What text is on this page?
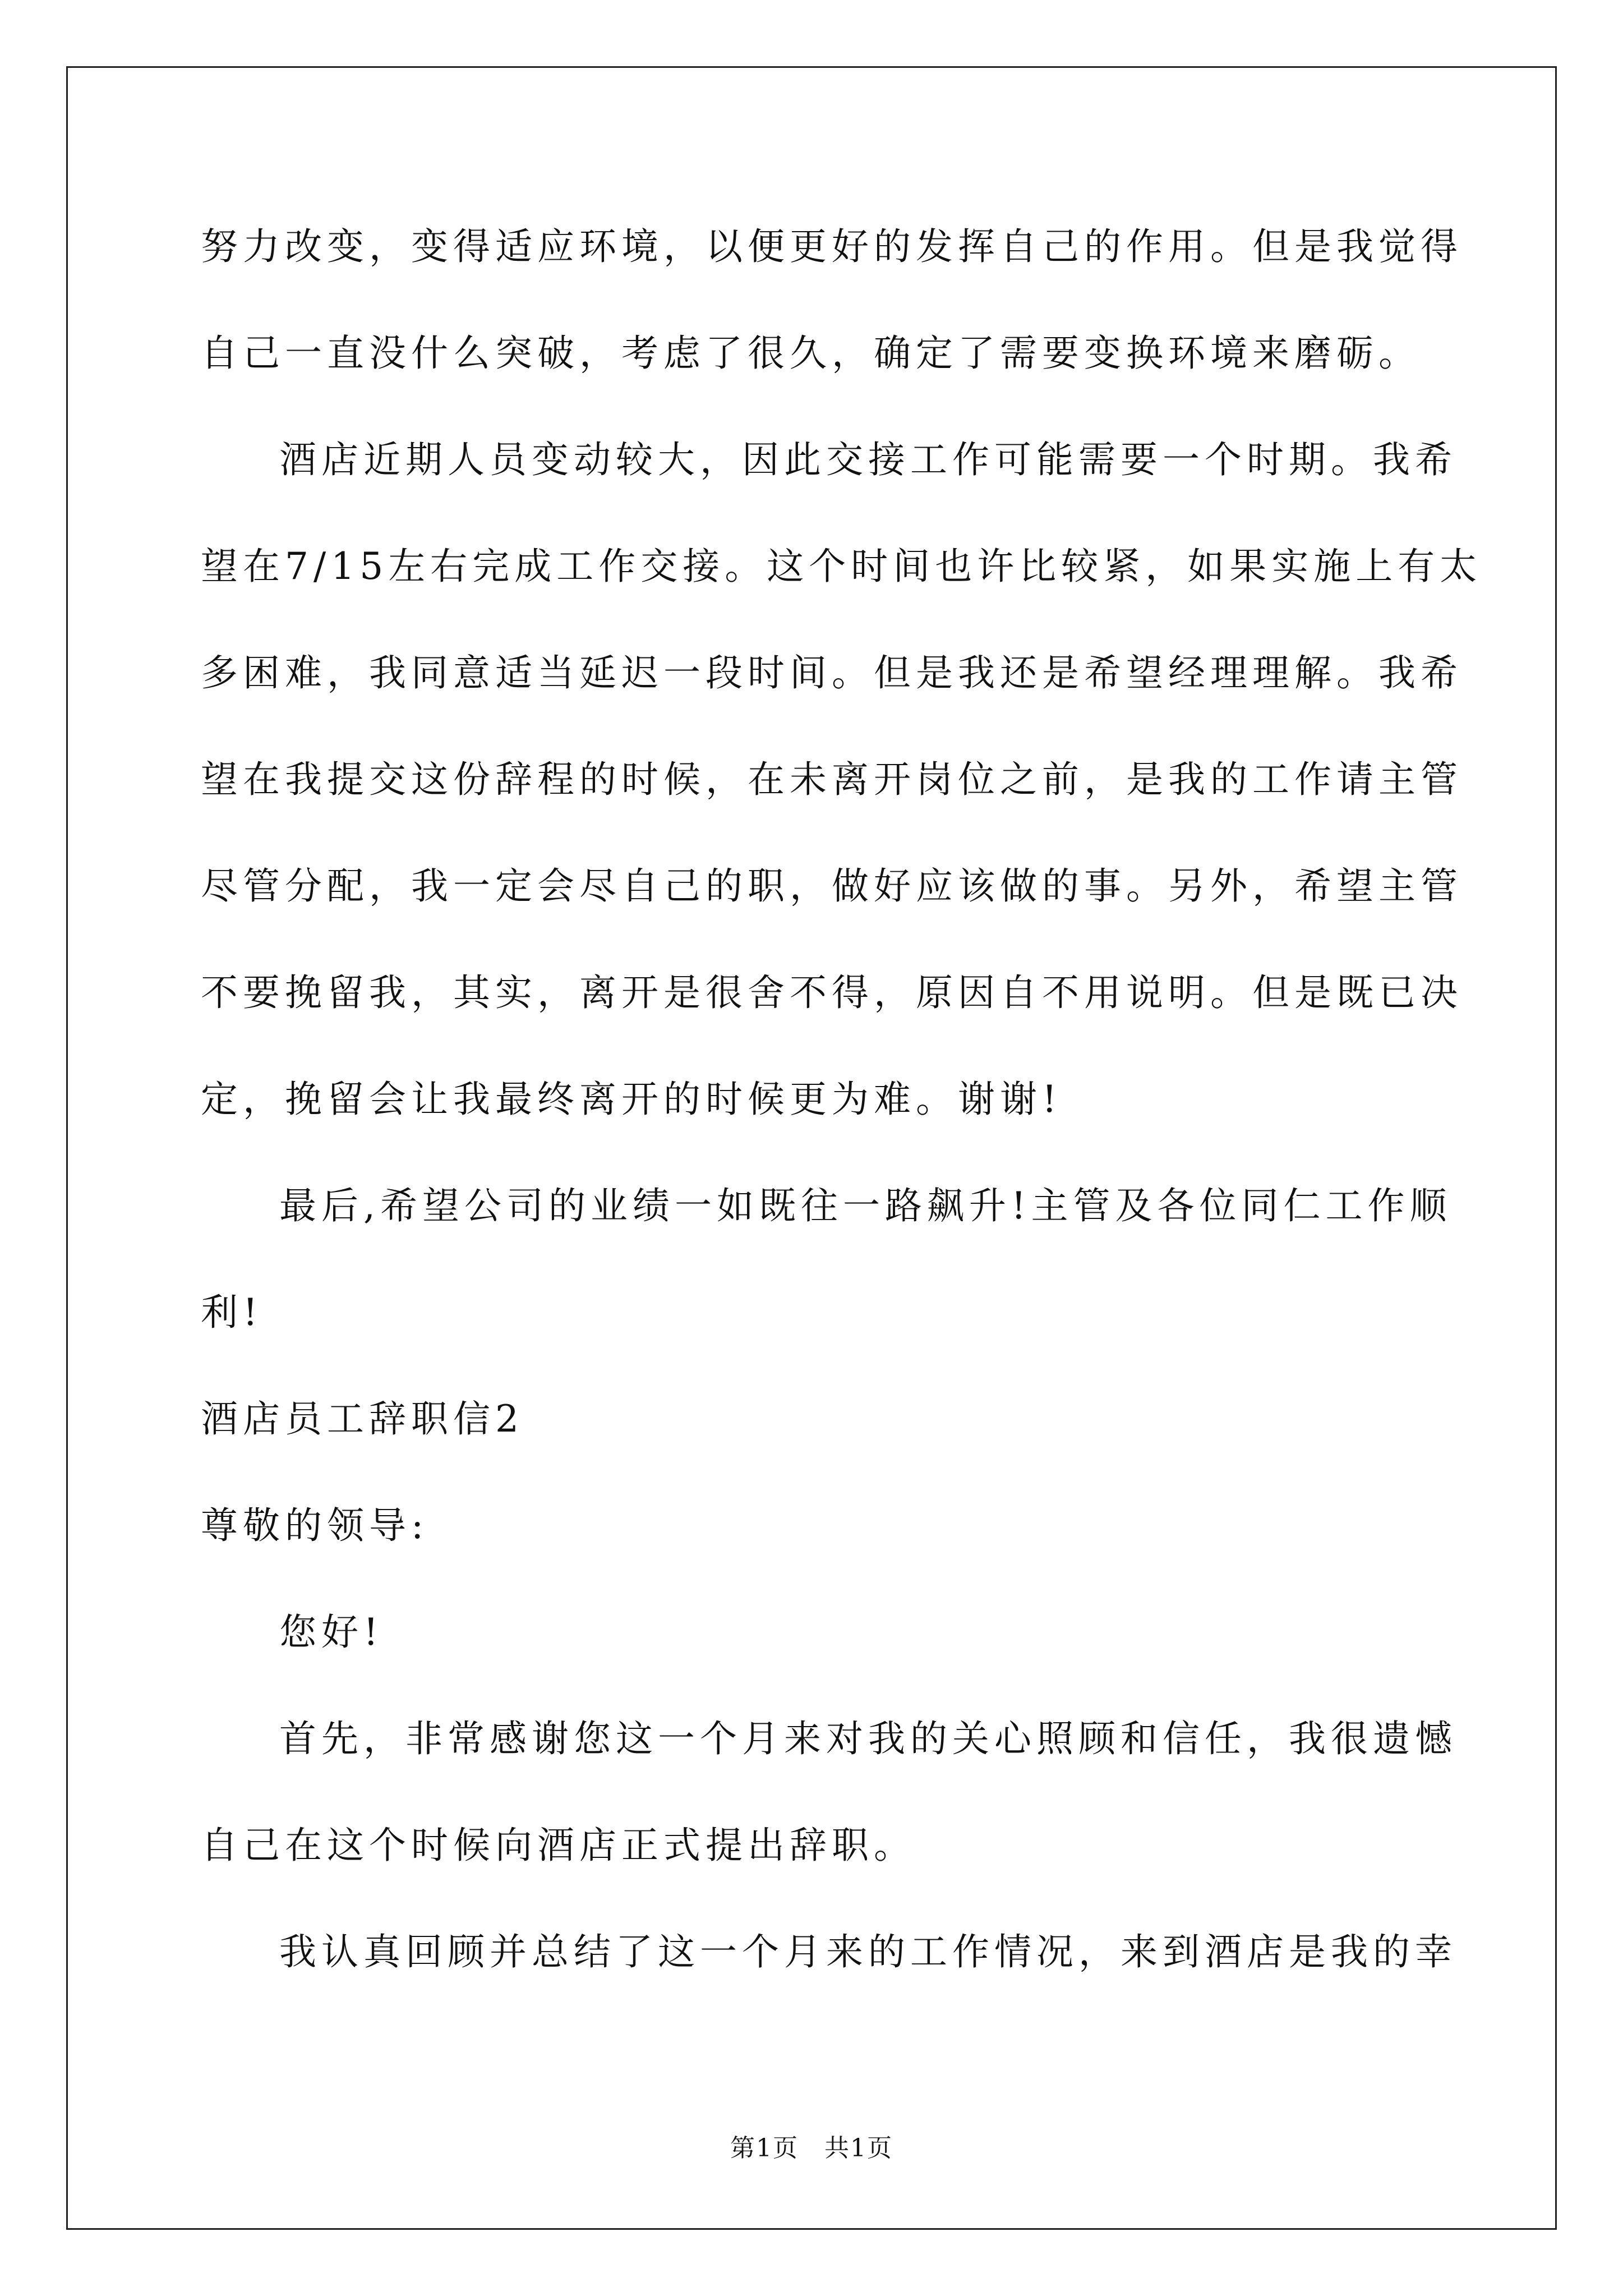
努力改变，变得适应环境，以便更好的发挥自己的作用。但是我觉得
自己一直没什么突破，考虑了很久，确定了需要变换环境来磨砺。
酒店近期人员变动较大，因此交接工作可能需要一个时期。我希
望在7/15左右完成工作交接。这个时间也许比较紧，如果实施上有太
多困难，我同意适当延迟一段时间。但是我还是希望经理理解。我希
望在我提交这份辞程的时候，在未离开岗位之前，是我的工作请主管
尽管分配，我一定会尽自己的职，做好应该做的事。另外，希望主管
不要挽留我，其实，离开是很舍不得，原因自不用说明。但是既已决
定，挽留会让我最终离开的时候更为难。谢谢!
最后,希望公司的业绩一如既往一路飙升!主管及各位同仁工作顺
利!
酒店员工辞职信2
尊敬的领导:
您好!
首先，非常感谢您这一个月来对我的关心照顾和信任，我很遗憾
自己在这个时候向酒店正式提出辞职。
我认真回顾并总结了这一个月来的工作情况，来到酒店是我的幸
第1页　共1页
